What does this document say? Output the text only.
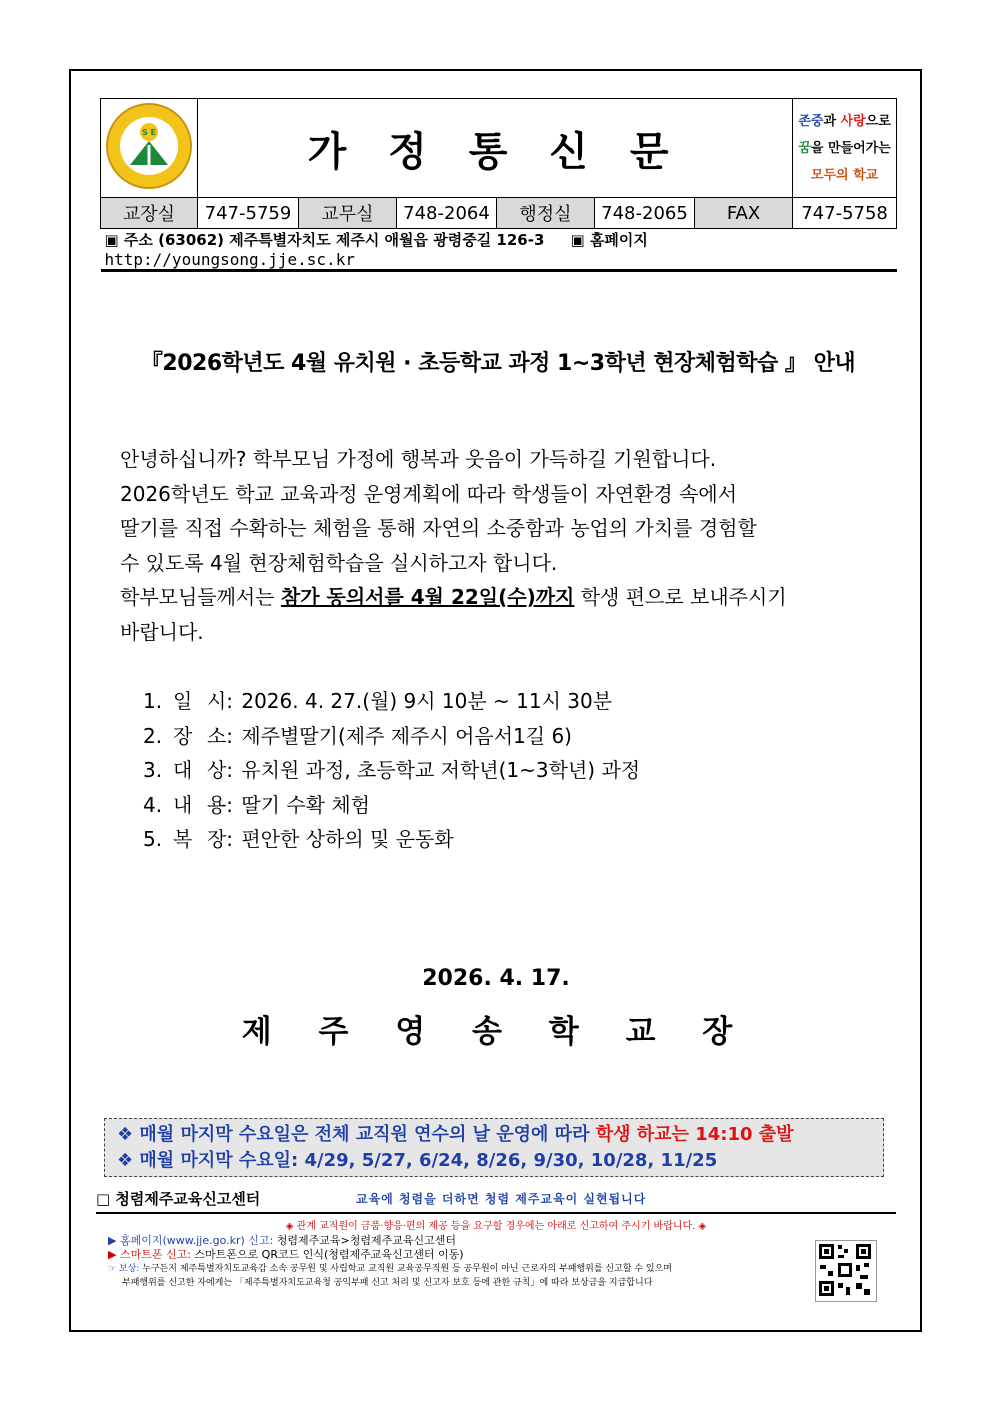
S E	가 정 통 신 문						존중과 사랑으로
꿈을 만들어가는
모두의 학교

교장실	747-5759	교무실	748-2064	행정실	748-2065	FAX	747-5758
▣ 주소 (63062) 제주특별자치도 제주시 애월읍 광령중길 126-3 ▣ 홈페이지 http://youngsong.jje.sc.kr							
『2026학년도 4월 유치원 · 초등학교 과정 1~3학년 현장체험학습 』 안내

안녕하십니까? 학부모님 가정에 행복과 웃음이 가득하길 기원합니다.

2026학년도 학교 교육과정 운영계획에 따라 학생들이 자연환경 속에서

딸기를 직접 수확하는 체험을 통해 자연의 소중함과 농업의 가치를 경험할

수 있도록 4월 현장체험학습을 실시하고자 합니다.

학부모님들께서는 참가 동의서를 4월 22일(수)까지 학생 편으로 보내주시기

바랍니다.

1. 일 시:
2026. 4. 27.(월) 9시 10분 ~ 11시 30분
2. 장 소:
제주별딸기(제주 제주시 어음서1길 6)
3. 대 상:
유치원 과정, 초등학교 저학년(1~3학년) 과정
4. 내 용:
딸기 수확 체험
5. 복 장:
편안한 상하의 및 운동화
2026. 4. 17.
제 주 영 송 학 교 장
❖ 매월 마지막 수요일은 전체 교직원 연수의 날 운영에 따라 학생 하교는 14:10 출발
❖ 매월 마지막 수요일: 4/29, 5/27, 6/24, 8/26, 9/30, 10/28, 11/25
□ 청렴제주교육신고센터	교육에 청렴을 더하면 청렴 제주교육이 실현됩니다
◈ 관계 교직원이 금품·향응·편의 제공 등을 요구할 경우에는 아래로 신고하여 주시기 바랍니다. ◈
▶ 홈페이지(www.jje.go.kr) 신고: 청렴제주교육>청렴제주교육신고센터
▶ 스마트폰 신고: 스마트폰으로 QR코드 인식(청렴제주교육신고센터 이동)
☞ 보상: 누구든지 제주특별자치도교육감 소속 공무원 및 사립학교 교직원 교육공무직원 등 공무원이 아닌 근로자의 부패행위를 신고할 수 있으며
부패행위를 신고한 자에게는 「제주특별자치도교육청 공익부패 신고 처리 및 신고자 보호 등에 관한 규칙」에 따라 보상금을 지급합니다
